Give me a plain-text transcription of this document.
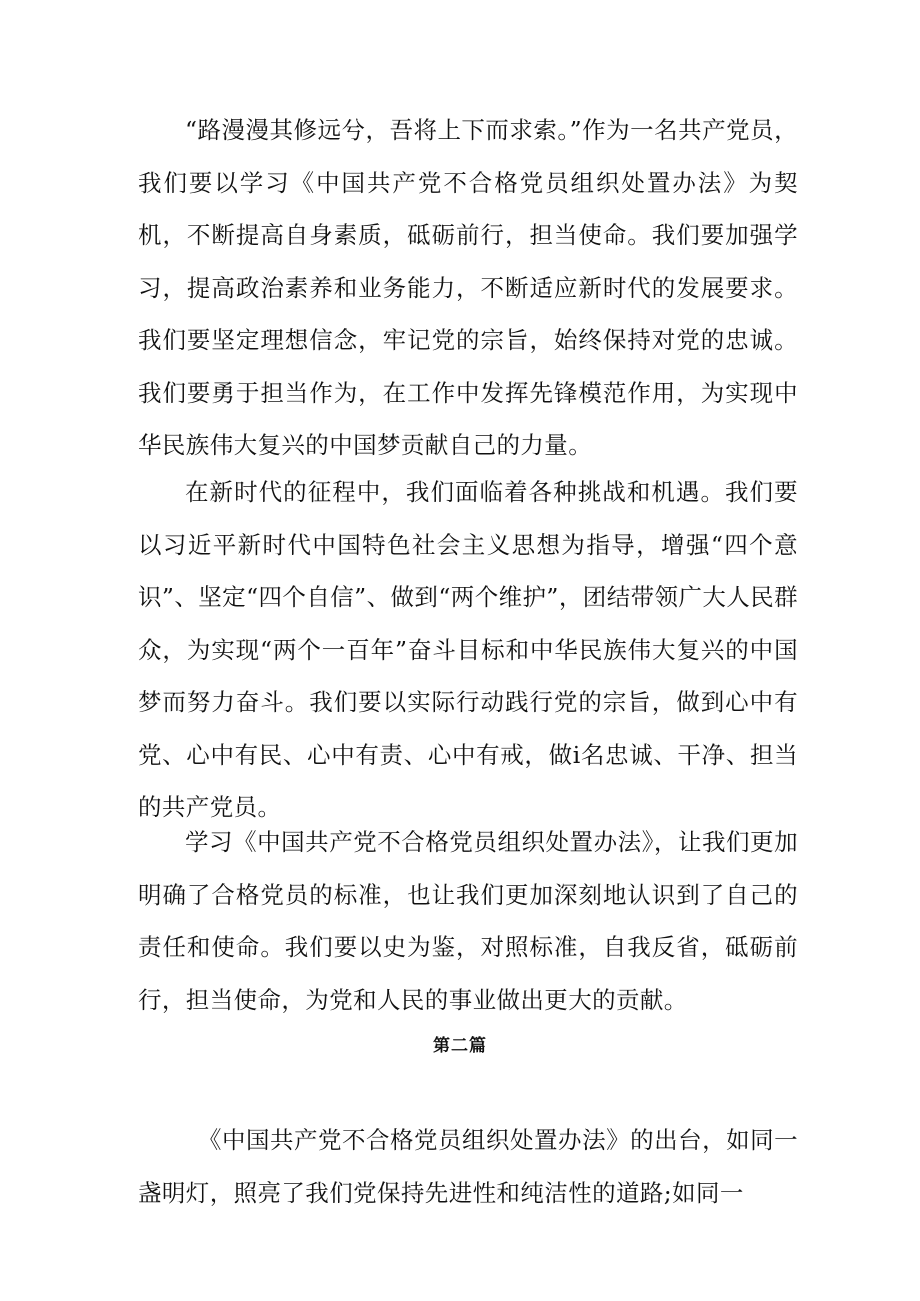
“路漫漫其修远兮，吾将上下而求索。”作为一名共产党员，我们要以学习《中国共产党不合格党员组织处置办法》为契机，不断提高自身素质，砥砺前行，担当使命。我们要加强学习，提高政治素养和业务能力，不断适应新时代的发展要求。我们要坚定理想信念，牢记党的宗旨，始终保持对党的忠诚。我们要勇于担当作为，在工作中发挥先锋模范作用，为实现中华民族伟大复兴的中国梦贡献自己的力量。

在新时代的征程中，我们面临着各种挑战和机遇。我们要以习近平新时代中国特色社会主义思想为指导，增强“四个意识”、坚定“四个自信”、做到“两个维护”，团结带领广大人民群众，为实现“两个一百年”奋斗目标和中华民族伟大复兴的中国梦而努力奋斗。我们要以实际行动践行党的宗旨，做到心中有党、心中有民、心中有责、心中有戒，做i名忠诚、干净、担当的共产党员。

学习《中国共产党不合格党员组织处置办法》，让我们更加明确了合格党员的标准，也让我们更加深刻地认识到了自己的责任和使命。我们要以史为鉴，对照标准，自我反省，砥砺前行，担当使命，为党和人民的事业做出更大的贡献。

第二篇

《中国共产党不合格党员组织处置办法》的出台，如同一盏明灯，照亮了我们党保持先进性和纯洁性的道路;如同一
